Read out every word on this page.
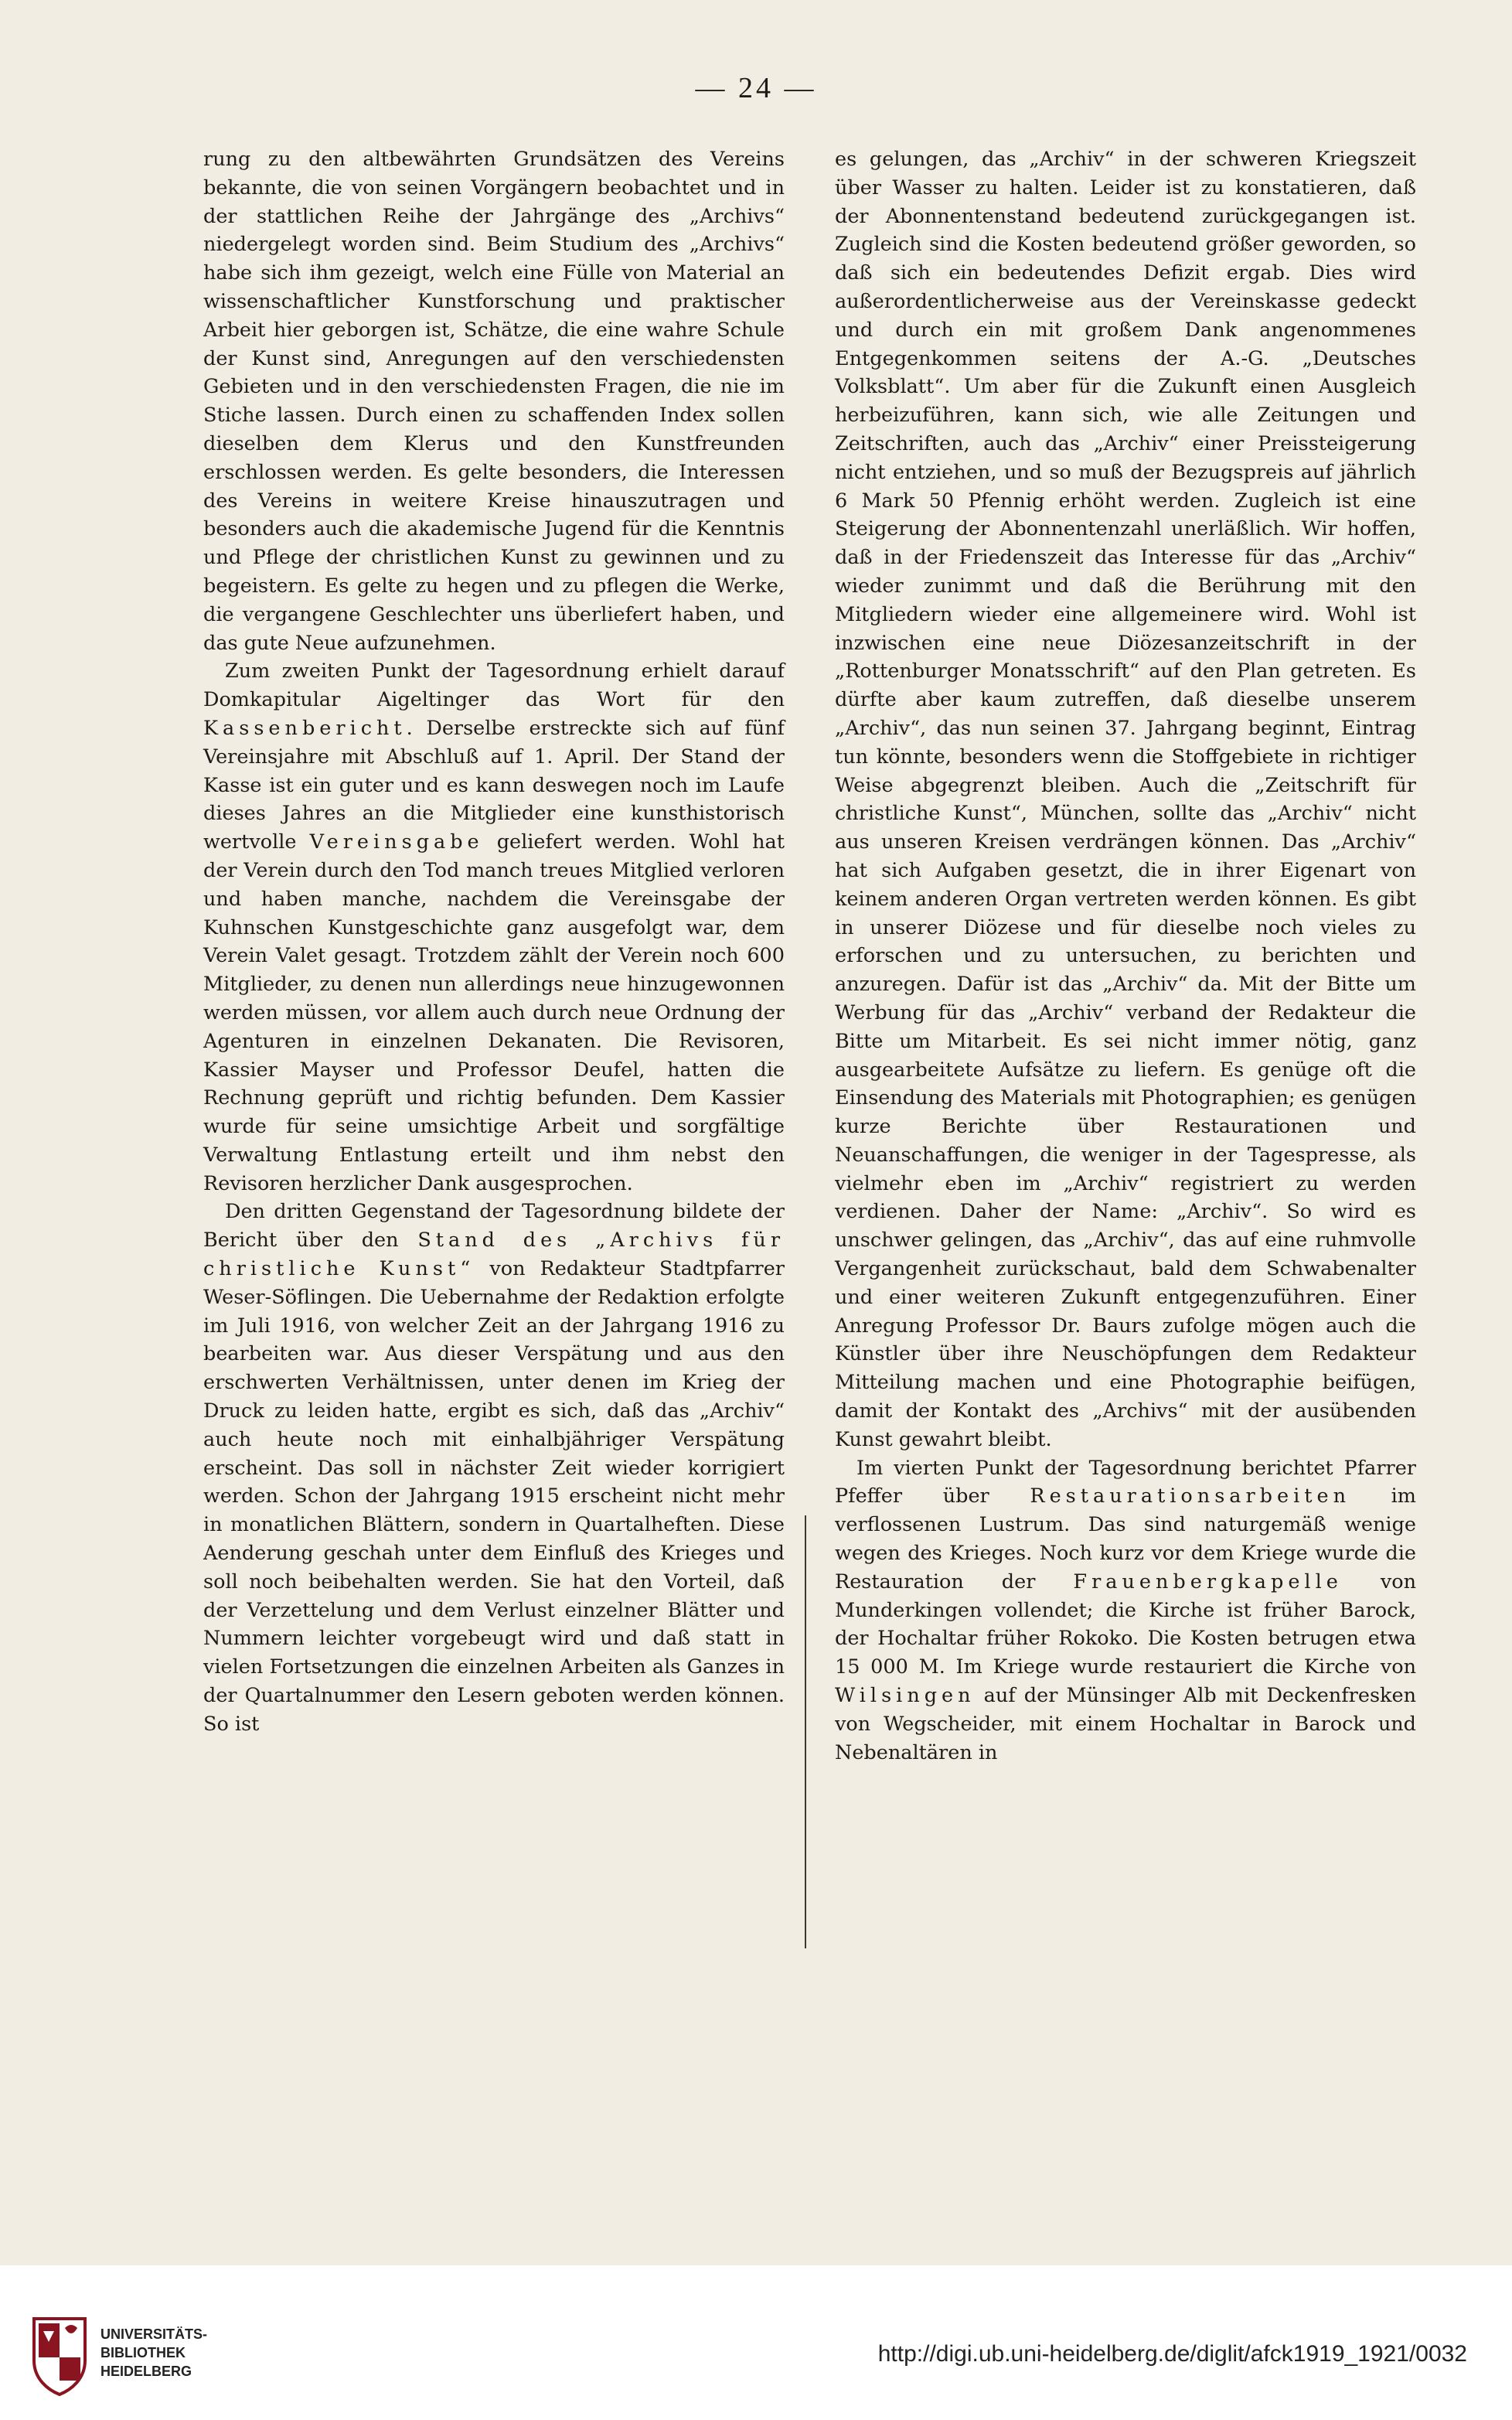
— 24 —

rung zu den altbewährten Grundsätzen des Vereins bekannte, die von seinen Vorgängern beobachtet und in der stattlichen Reihe der Jahrgänge des „Archivs“ niedergelegt worden sind. Beim Studium des „Archivs“ habe sich ihm gezeigt, welch eine Fülle von Material an wissenschaftlicher Kunstforschung und praktischer Arbeit hier geborgen ist, Schätze, die eine wahre Schule der Kunst sind, Anregungen auf den verschiedensten Gebieten und in den verschiedensten Fragen, die nie im Stiche lassen. Durch einen zu schaffenden Index sollen dieselben dem Klerus und den Kunstfreunden erschlossen werden. Es gelte besonders, die Interessen des Vereins in weitere Kreise hinauszutragen und besonders auch die akademische Jugend für die Kenntnis und Pflege der christlichen Kunst zu gewinnen und zu begeistern. Es gelte zu hegen und zu pflegen die Werke, die vergangene Geschlechter uns überliefert haben, und das gute Neue aufzunehmen.

Zum zweiten Punkt der Tagesordnung erhielt darauf Domkapitular Aigeltinger das Wort für den Kassenbericht. Derselbe erstreckte sich auf fünf Vereinsjahre mit Abschluß auf 1. April. Der Stand der Kasse ist ein guter und es kann deswegen noch im Laufe dieses Jahres an die Mitglieder eine kunsthistorisch wertvolle Vereinsgabe geliefert werden. Wohl hat der Verein durch den Tod manch treues Mitglied verloren und haben manche, nachdem die Vereinsgabe der Kuhnschen Kunstgeschichte ganz ausgefolgt war, dem Verein Valet gesagt. Trotzdem zählt der Verein noch 600 Mitglieder, zu denen nun allerdings neue hinzugewonnen werden müssen, vor allem auch durch neue Ordnung der Agenturen in einzelnen Dekanaten. Die Revisoren, Kassier Mayser und Professor Deufel, hatten die Rechnung geprüft und richtig befunden. Dem Kassier wurde für seine umsichtige Arbeit und sorgfältige Verwaltung Entlastung erteilt und ihm nebst den Revisoren herzlicher Dank ausgesprochen.

Den dritten Gegenstand der Tagesordnung bildete der Bericht über den Stand des „Archivs für christliche Kunst“ von Redakteur Stadtpfarrer Weser-Söflingen. Die Uebernahme der Redaktion erfolgte im Juli 1916, von welcher Zeit an der Jahrgang 1916 zu bearbeiten war. Aus dieser Verspätung und aus den erschwerten Verhältnissen, unter denen im Krieg der Druck zu leiden hatte, ergibt es sich, daß das „Archiv“ auch heute noch mit einhalbjähriger Verspätung erscheint. Das soll in nächster Zeit wieder korrigiert werden. Schon der Jahrgang 1915 erscheint nicht mehr in monatlichen Blättern, sondern in Quartalheften. Diese Aenderung geschah unter dem Einfluß des Krieges und soll noch beibehalten werden. Sie hat den Vorteil, daß der Verzettelung und dem Verlust einzelner Blätter und Nummern leichter vorgebeugt wird und daß statt in vielen Fortsetzungen die einzelnen Arbeiten als Ganzes in der Quartalnummer den Lesern geboten werden können. So ist

es gelungen, das „Archiv“ in der schweren Kriegszeit über Wasser zu halten. Leider ist zu konstatieren, daß der Abonnentenstand bedeutend zurückgegangen ist. Zugleich sind die Kosten bedeutend größer geworden, so daß sich ein bedeutendes Defizit ergab. Dies wird außerordentlicherweise aus der Vereinskasse gedeckt und durch ein mit großem Dank angenommenes Entgegenkommen seitens der A.-G. „Deutsches Volksblatt“. Um aber für die Zukunft einen Ausgleich herbeizuführen, kann sich, wie alle Zeitungen und Zeitschriften, auch das „Archiv“ einer Preissteigerung nicht entziehen, und so muß der Bezugspreis auf jährlich 6 Mark 50 Pfennig erhöht werden. Zugleich ist eine Steigerung der Abonnentenzahl unerläßlich. Wir hoffen, daß in der Friedenszeit das Interesse für das „Archiv“ wieder zunimmt und daß die Berührung mit den Mitgliedern wieder eine allgemeinere wird. Wohl ist inzwischen eine neue Diözesanzeitschrift in der „Rottenburger Monatsschrift“ auf den Plan getreten. Es dürfte aber kaum zutreffen, daß dieselbe unserem „Archiv“, das nun seinen 37. Jahrgang beginnt, Eintrag tun könnte, besonders wenn die Stoffgebiete in richtiger Weise abgegrenzt bleiben. Auch die „Zeitschrift für christliche Kunst“, München, sollte das „Archiv“ nicht aus unseren Kreisen verdrängen können. Das „Archiv“ hat sich Aufgaben gesetzt, die in ihrer Eigenart von keinem anderen Organ vertreten werden können. Es gibt in unserer Diözese und für dieselbe noch vieles zu erforschen und zu untersuchen, zu berichten und anzuregen. Dafür ist das „Archiv“ da. Mit der Bitte um Werbung für das „Archiv“ verband der Redakteur die Bitte um Mitarbeit. Es sei nicht immer nötig, ganz ausgearbeitete Aufsätze zu liefern. Es genüge oft die Einsendung des Materials mit Photographien; es genügen kurze Berichte über Restaurationen und Neuanschaffungen, die weniger in der Tagespresse, als vielmehr eben im „Archiv“ registriert zu werden verdienen. Daher der Name: „Archiv“. So wird es unschwer gelingen, das „Archiv“, das auf eine ruhmvolle Vergangenheit zurückschaut, bald dem Schwabenalter und einer weiteren Zukunft entgegenzuführen. Einer Anregung Professor Dr. Baurs zufolge mögen auch die Künstler über ihre Neuschöpfungen dem Redakteur Mitteilung machen und eine Photographie beifügen, damit der Kontakt des „Archivs“ mit der ausübenden Kunst gewahrt bleibt.

Im vierten Punkt der Tagesordnung berichtet Pfarrer Pfeffer über Restaurationsarbeiten im verflossenen Lustrum. Das sind naturgemäß wenige wegen des Krieges. Noch kurz vor dem Kriege wurde die Restauration der Frauenbergkapelle von Munderkingen vollendet; die Kirche ist früher Barock, der Hochaltar früher Rokoko. Die Kosten betrugen etwa 15 000 M. Im Kriege wurde restauriert die Kirche von Wilsingen auf der Münsinger Alb mit Deckenfresken von Wegscheider, mit einem Hochaltar in Barock und Nebenaltären in

UNIVERSITÄTS-
BIBLIOTHEK
HEIDELBERG
http://digi.ub.uni-heidelberg.de/diglit/afck1919_1921/0032
